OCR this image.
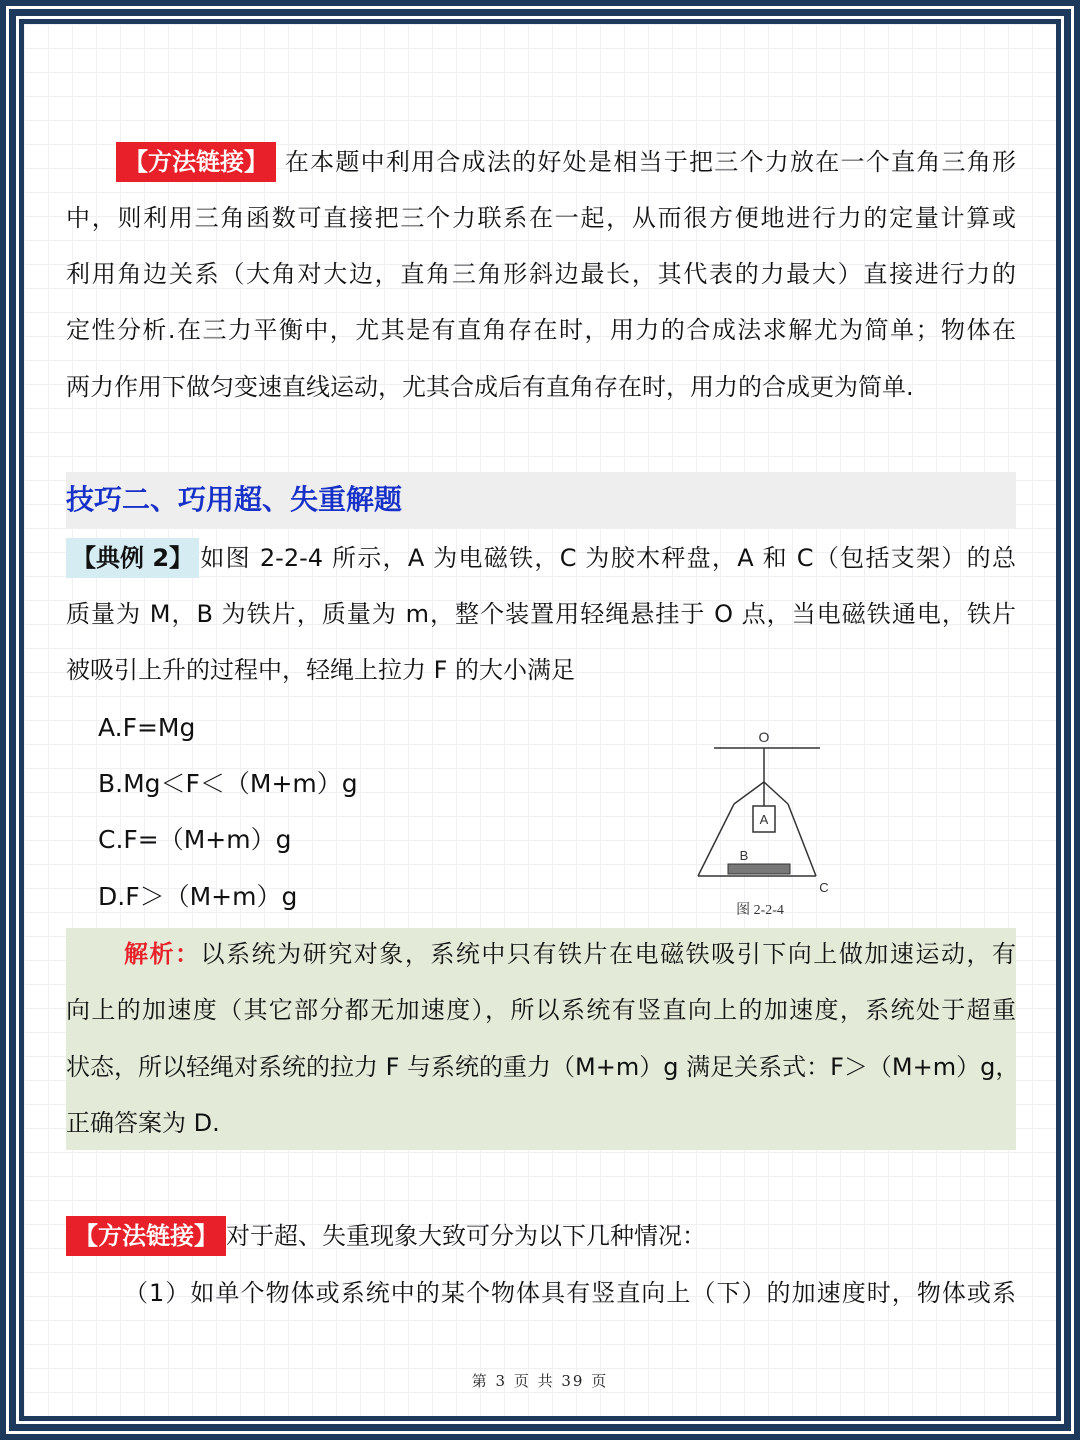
【方法链接】 在本题中利用合成法的好处是相当于把三个力放在一个直角三角形
中，则利用三角函数可直接把三个力联系在一起，从而很方便地进行力的定量计算或
利用角边关系（大角对大边，直角三角形斜边最长，其代表的力最大）直接进行力的
定性分析.在三力平衡中，尤其是有直角存在时，用力的合成法求解尤为简单；物体在
两力作用下做匀变速直线运动，尤其合成后有直角存在时，用力的合成更为简单.
技巧二、巧用超、失重解题
【典例 2】 如图 2-2-4 所示，A 为电磁铁，C 为胶木秤盘，A 和 C（包括支架）的总
质量为 M，B 为铁片，质量为 m，整个装置用轻绳悬挂于 O 点，当电磁铁通电，铁片
被吸引上升的过程中，轻绳上拉力 F 的大小满足
A.F=Mg
B.Mg＜F＜（M+m）g
C.F=（M+m）g
D.F＞（M+m）g
O
A
B
C
图 2-2-4
解析：以系统为研究对象，系统中只有铁片在电磁铁吸引下向上做加速运动，有
向上的加速度（其它部分都无加速度），所以系统有竖直向上的加速度，系统处于超重
状态，所以轻绳对系统的拉力 F 与系统的重力（M+m）g 满足关系式：F＞（M+m）g，
正确答案为 D.
【方法链接】 对于超、失重现象大致可分为以下几种情况：
（1）如单个物体或系统中的某个物体具有竖直向上（下）的加速度时，物体或系
第 3 页 共 39 页
